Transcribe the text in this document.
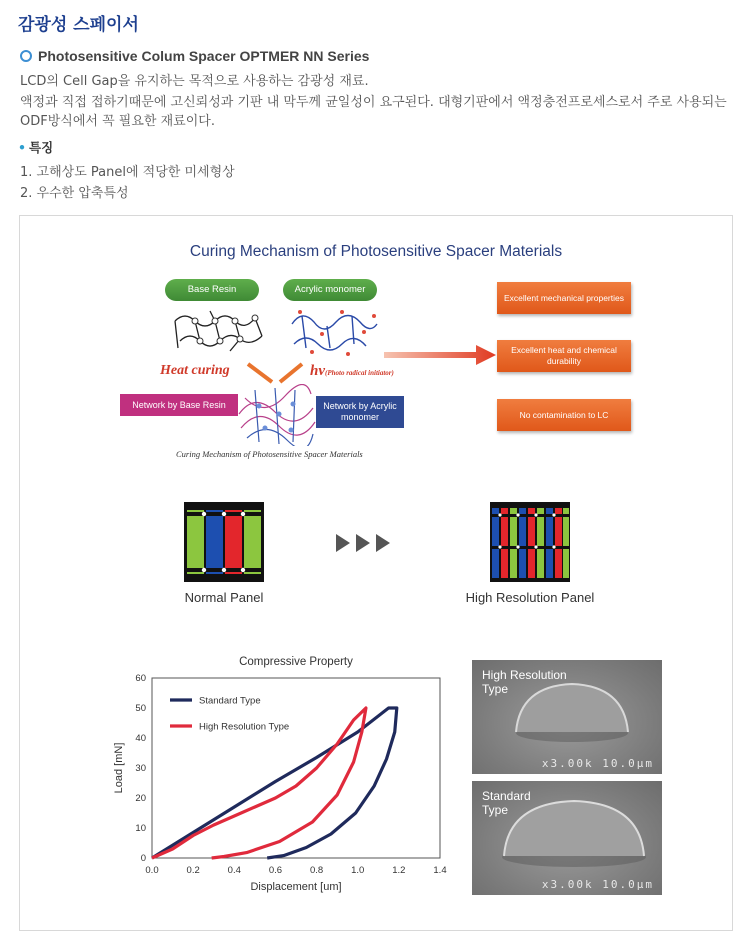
감광성 스페이서
Photosensitive Colum Spacer OPTMER NN Series
LCD의 Cell Gap을 유지하는 목적으로 사용하는 감광성 재료.
액정과 직접 접하기때문에 고신뢰성과 기판 내 막두께 균일성이 요구된다. 대형기판에서 액정충전프로세스로서 주로 사용되는
ODF방식에서 꼭 필요한 재료이다.
• 특징
1. 고해상도 Panel에 적당한 미세형상
2. 우수한 압축특성
Curing Mechanism of Photosensitive Spacer Materials
Base Resin	Acrylic monomer
Heat curing	hν(Photo radical initiator)
Network by Base Resin	Network by Acrylic monomer
Curing Mechanism of Photosensitive Spacer Materials
Excellent mechanical properties
Excellent heat and chemical durability
No contamination to LC
Normal Panel	High Resolution Panel
Compressive Property
0.0	0.2	0.4	0.6	0.8	1.0	1.2	1.4
0
10
20
30
40
50
60
Displacement [um]
Load [mN]
Standard Type
High Resolution Type
High Resolution Type
x3.00k 10.0μm
Standard Type
x3.00k 10.0μm
